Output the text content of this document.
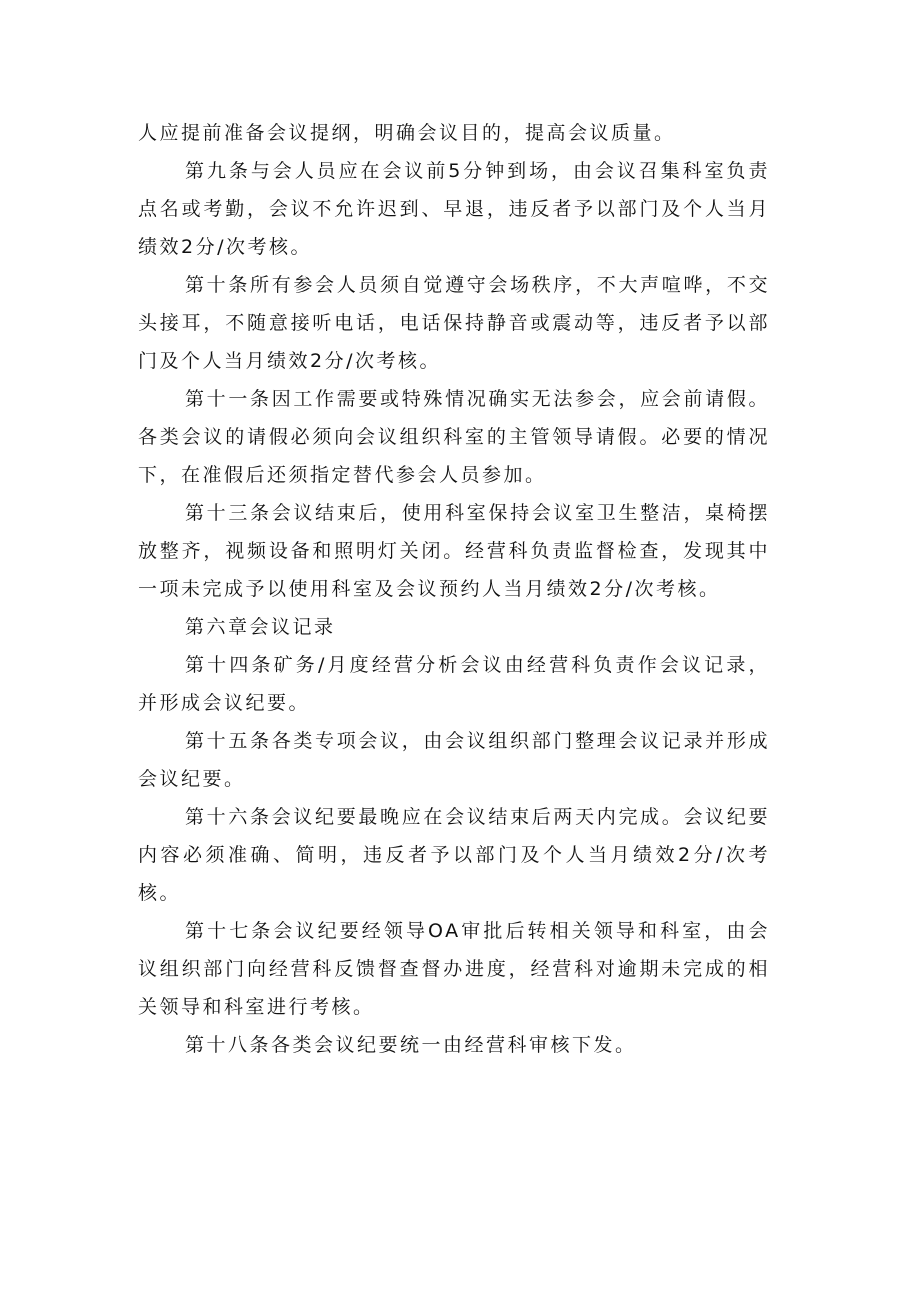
人应提前准备会议提纲，明确会议目的，提高会议质量。

第九条与会人员应在会议前5分钟到场，由会议召集科室负责点名或考勤，会议不允许迟到、早退，违反者予以部门及个人当月绩效2分/次考核。

第十条所有参会人员须自觉遵守会场秩序，不大声喧哗，不交头接耳，不随意接听电话，电话保持静音或震动等，违反者予以部门及个人当月绩效2分/次考核。

第十一条因工作需要或特殊情况确实无法参会，应会前请假。各类会议的请假必须向会议组织科室的主管领导请假。必要的情况下，在准假后还须指定替代参会人员参加。

第十三条会议结束后，使用科室保持会议室卫生整洁，桌椅摆放整齐，视频设备和照明灯关闭。经营科负责监督检查，发现其中一项未完成予以使用科室及会议预约人当月绩效2分/次考核。

第六章会议记录

第十四条矿务/月度经营分析会议由经营科负责作会议记录，并形成会议纪要。

第十五条各类专项会议，由会议组织部门整理会议记录并形成会议纪要。

第十六条会议纪要最晚应在会议结束后两天内完成。会议纪要内容必须准确、简明，违反者予以部门及个人当月绩效2分/次考核。

第十七条会议纪要经领导OA审批后转相关领导和科室，由会议组织部门向经营科反馈督查督办进度，经营科对逾期未完成的相关领导和科室进行考核。

第十八条各类会议纪要统一由经营科审核下发。
